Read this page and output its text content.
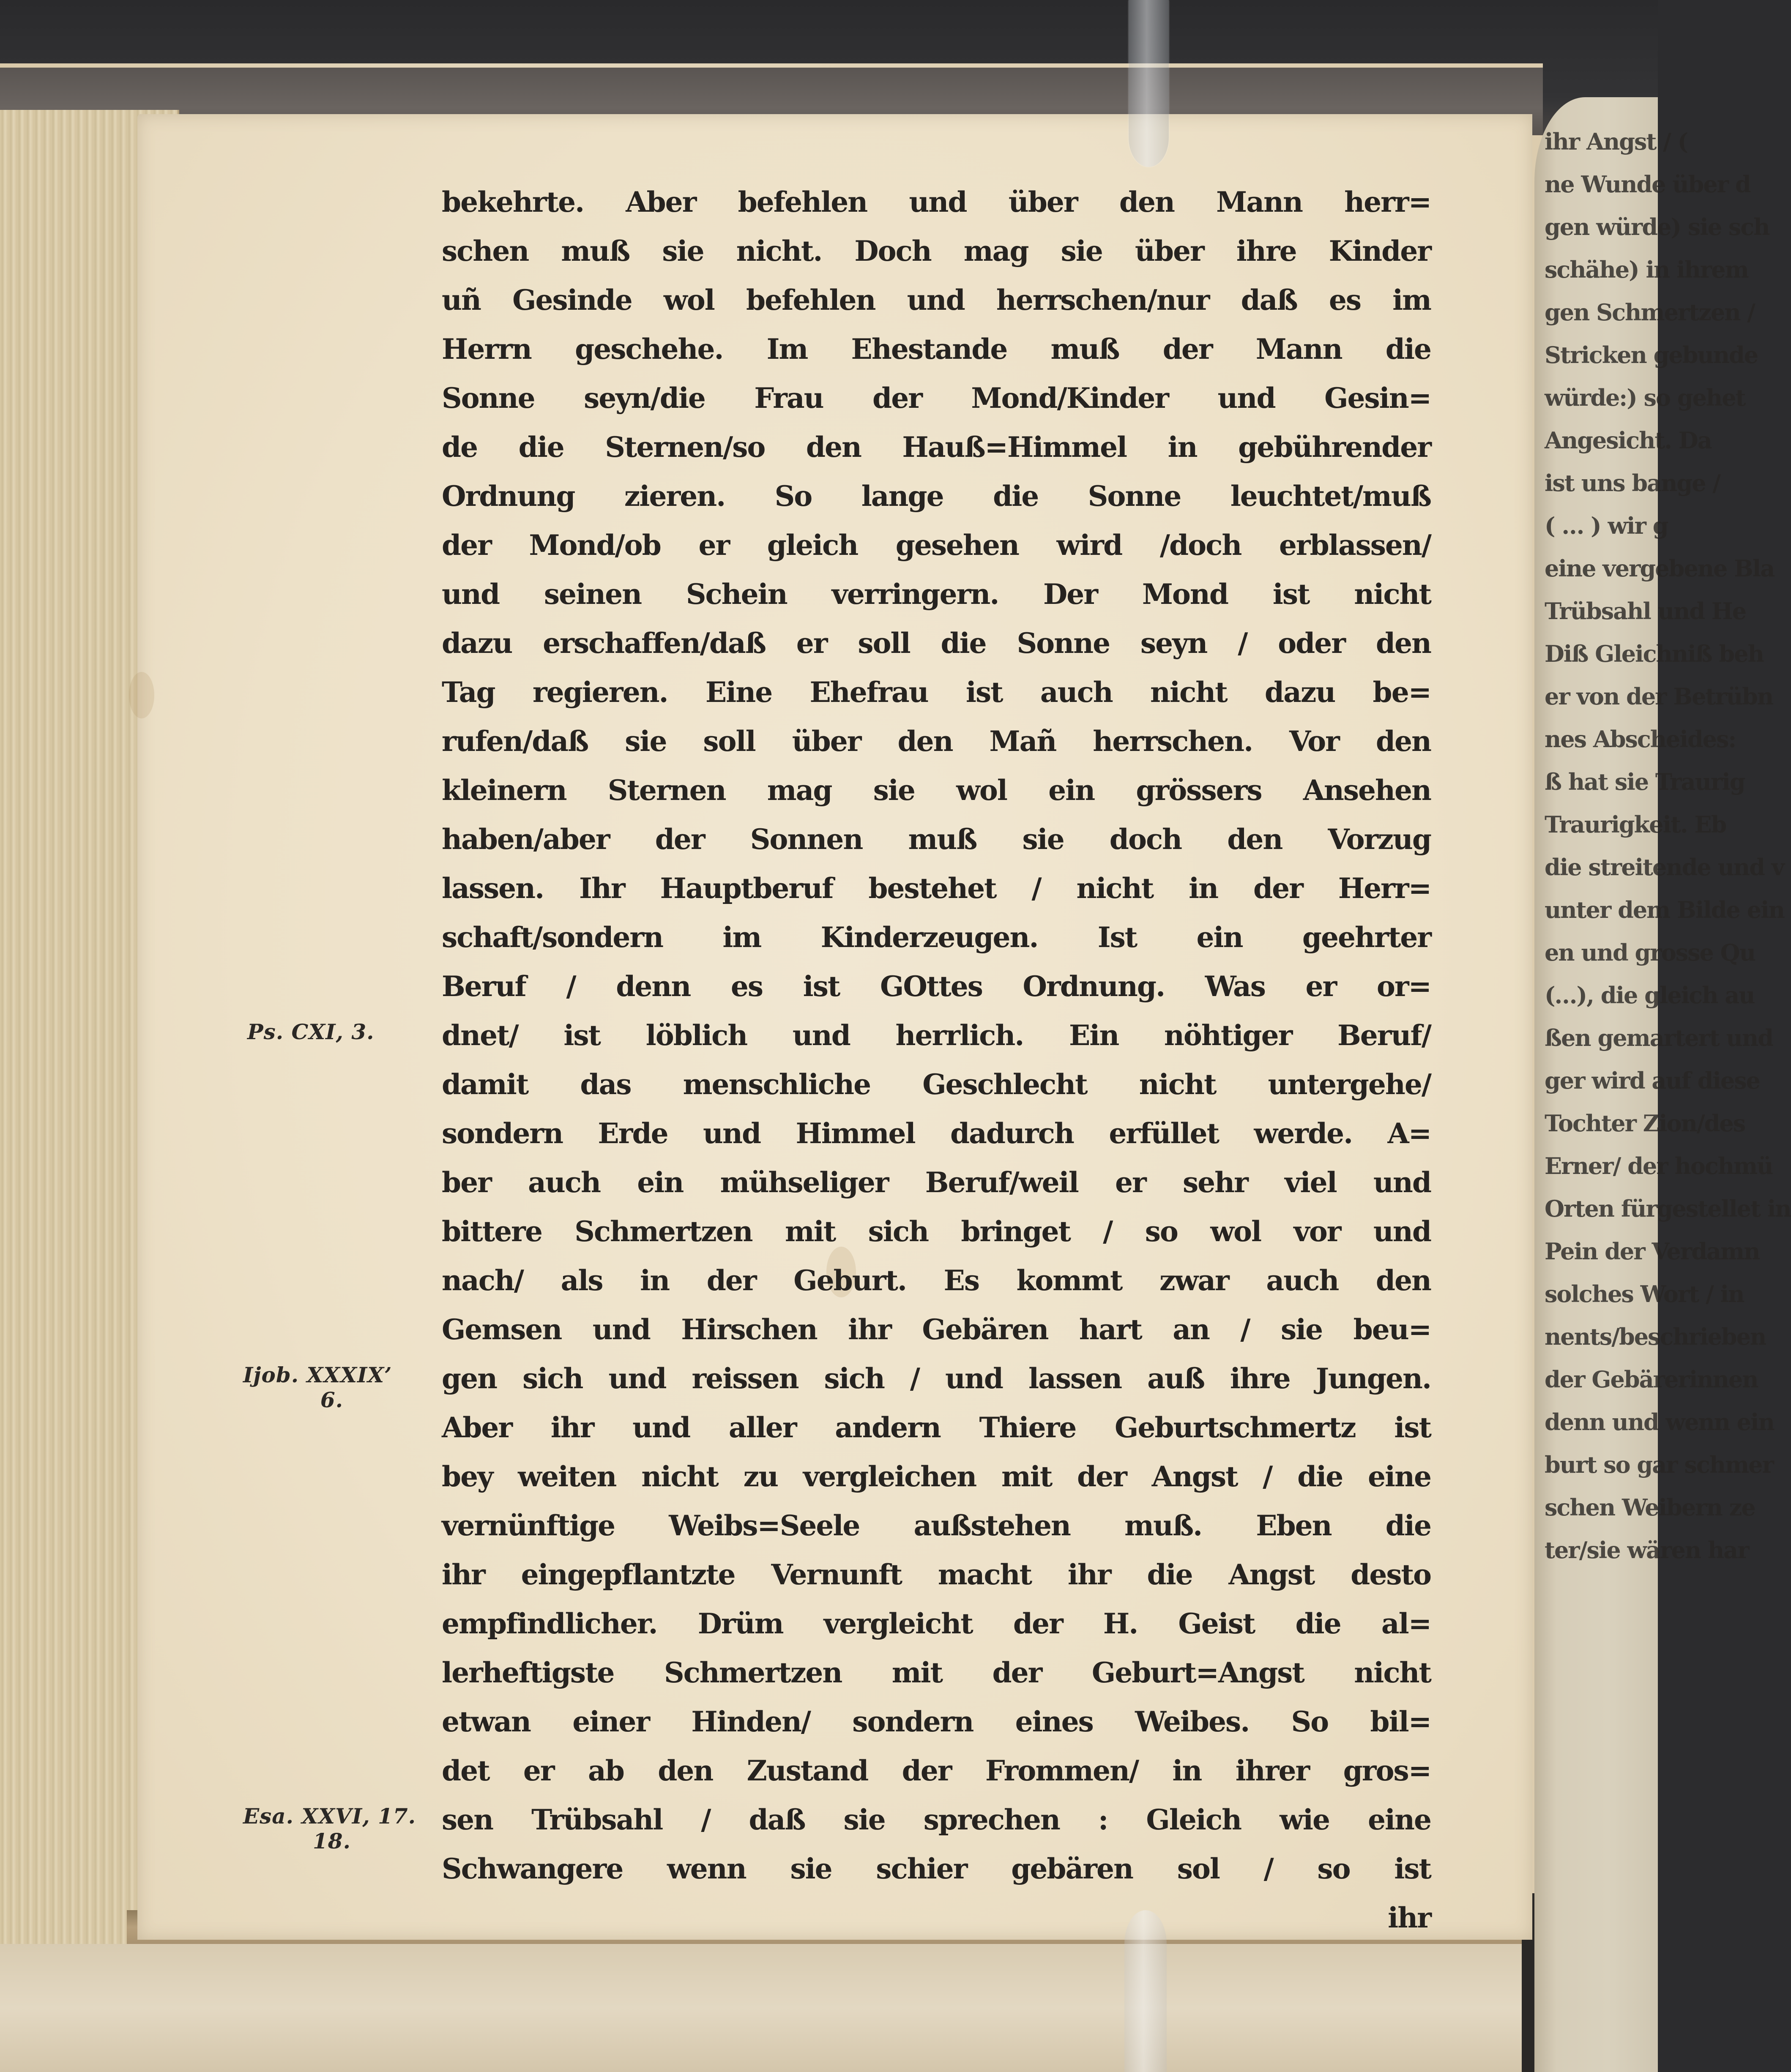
Ps. CXI, 3.
Ijob. XXXIX’
6.
Esa. XXVI, 17.
18.
bekehrte. Aber befehlen und über den Mann herr=
schen muß sie nicht. Doch mag sie über ihre Kinder
uñ Gesinde wol befehlen und herrschen/nur daß es im
Herrn geschehe. Im Ehestande muß der Mann die
Sonne seyn/die Frau der Mond/Kinder und Gesin=
de die Sternen/so den Hauß=Himmel in gebührender
Ordnung zieren. So lange die Sonne leuchtet/muß
der Mond/ob er gleich gesehen wird /doch erblassen/
und seinen Schein verringern. Der Mond ist nicht
dazu erschaffen/daß er soll die Sonne seyn / oder den
Tag regieren. Eine Ehefrau ist auch nicht dazu be=
rufen/daß sie soll über den Mañ herrschen. Vor den
kleinern Sternen mag sie wol ein grössers Ansehen
haben/aber der Sonnen muß sie doch den Vorzug
lassen. Ihr Hauptberuf bestehet / nicht in der Herr=
schaft/sondern im Kinderzeugen. Ist ein geehrter
Beruf / denn es ist GOttes Ordnung. Was er or=
dnet/ ist löblich und herrlich. Ein nöhtiger Beruf/
damit das menschliche Geschlecht nicht untergehe/
sondern Erde und Himmel dadurch erfüllet werde. A=
ber auch ein mühseliger Beruf/weil er sehr viel und
bittere Schmertzen mit sich bringet / so wol vor und
nach/ als in der Geburt. Es kommt zwar auch den
Gemsen und Hirschen ihr Gebären hart an / sie beu=
gen sich und reissen sich / und lassen auß ihre Jungen.
Aber ihr und aller andern Thiere Geburtschmertz ist
bey weiten nicht zu vergleichen mit der Angst / die eine
vernünftige Weibs=Seele außstehen muß. Eben die
ihr eingepflantzte Vernunft macht ihr die Angst desto
empfindlicher. Drüm vergleicht der H. Geist die al=
lerheftigste Schmertzen mit der Geburt=Angst nicht
etwan einer Hinden/ sondern eines Weibes. So bil=
det er ab den Zustand der Frommen/ in ihrer gros=
sen Trübsahl / daß sie sprechen : Gleich wie eine
Schwangere wenn sie schier gebären sol / so ist
ihr
ihr Angst / (
ne Wunde über d
gen würde) sie sch
schähe) in ihrem
gen Schmertzen /
Stricken gebunde
würde:) so gehet
Angesicht. Da
ist uns bange /
( … ) wir g
eine vergebene Bla
Trübsahl und He
Diß Gleichniß beh
er von der Betrübn
nes Abscheides:
ß hat sie Traurig
Traurigkeit. Eb
die streitende und v
unter dem Bilde ein
en und grosse Qu
(…), die gleich au
ßen gemartert und
ger wird auf diese
Tochter Zion/des
Erner/ der hochmü
Orten fürgestellet in
Pein der Verdamn
solches Wort / in
nents/beschrieben
der Gebärerinnen
denn und wenn ein
burt so gar schmer
schen Weibern ze
ter/sie wären har
